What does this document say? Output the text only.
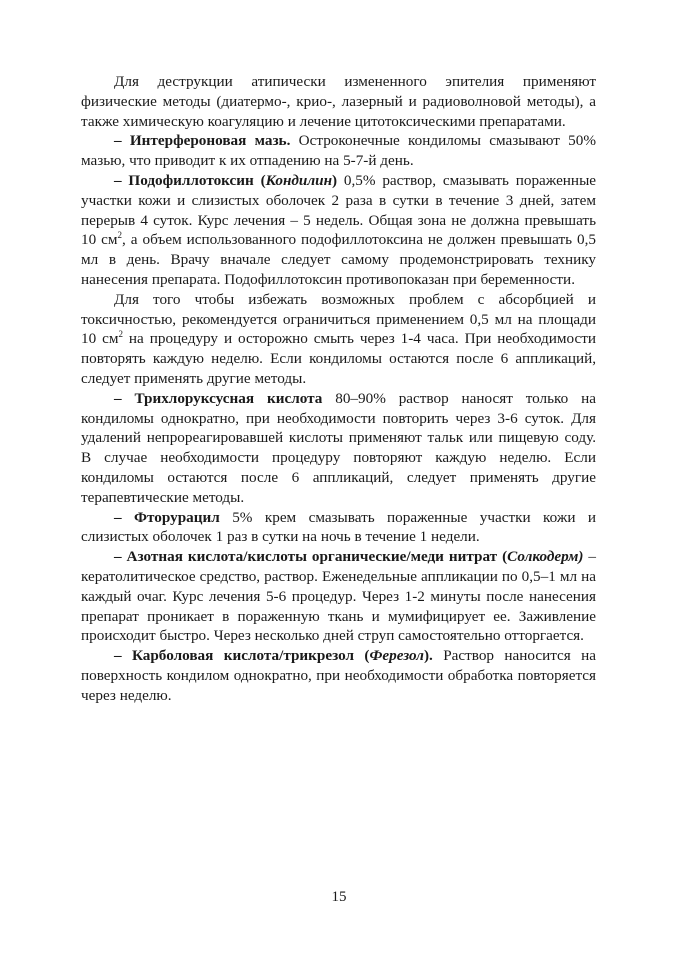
Для деструкции атипически измененного эпителия применяют физические методы (диатермо-, крио-, лазерный и радиоволновой методы), а также химическую коагуляцию и лечение цитотоксическими препаратами.

– Интерфероновая мазь. Остроконечные кондиломы смазывают 50% мазью, что приводит к их отпадению на 5-7-й день.

– Подофиллотоксин (Кондилин) 0,5% раствор, смазывать пораженные участки кожи и слизистых оболочек 2 раза в сутки в течение 3 дней, затем перерыв 4 суток. Курс лечения – 5 недель. Общая зона не должна превышать 10 $см^2$, а объем использованного подофиллотоксина не должен превышать 0,5 мл в день. Врачу вначале следует самому продемонстрировать технику нанесения препарата. Подофиллотоксин противопоказан при беременности.

Для того чтобы избежать возможных проблем с абсорбцией и токсичностью, рекомендуется ограничиться применением 0,5 мл на площади 10 $см^2$ на процедуру и осторожно смыть через 1-4 часа. При необходимости повторять каждую неделю. Если кондиломы остаются после 6 аппликаций, следует применять другие методы.

– Трихлоруксусная кислота 80–90% раствор наносят только на кондиломы однократно, при необходимости повторить через 3-6 суток. Для удалений непрореагировавшей кислоты применяют тальк или пищевую соду. В случае необходимости процедуру повторяют каждую неделю. Если кондиломы остаются после 6 аппликаций, следует применять другие терапевтические методы.

– Фторурацил 5% крем смазывать пораженные участки кожи и слизистых оболочек 1 раз в сутки на ночь в течение 1 недели.

– Азотная кислота/кислоты органические/меди нитрат (Солкодерм) – кератолитическое средство, раствор. Еженедельные аппликации по 0,5–1 мл на каждый очаг. Курс лечения 5-6 процедур. Через 1-2 минуты после нанесения препарат проникает в пораженную ткань и мумифицирует ее. Заживление происходит быстро. Через несколько дней струп самостоятельно отторгается.

– Карболовая кислота/трикрезол (Ферезол). Раствор наносится на поверхность кондилом однократно, при необходимости обработка повторяется через неделю.

15
